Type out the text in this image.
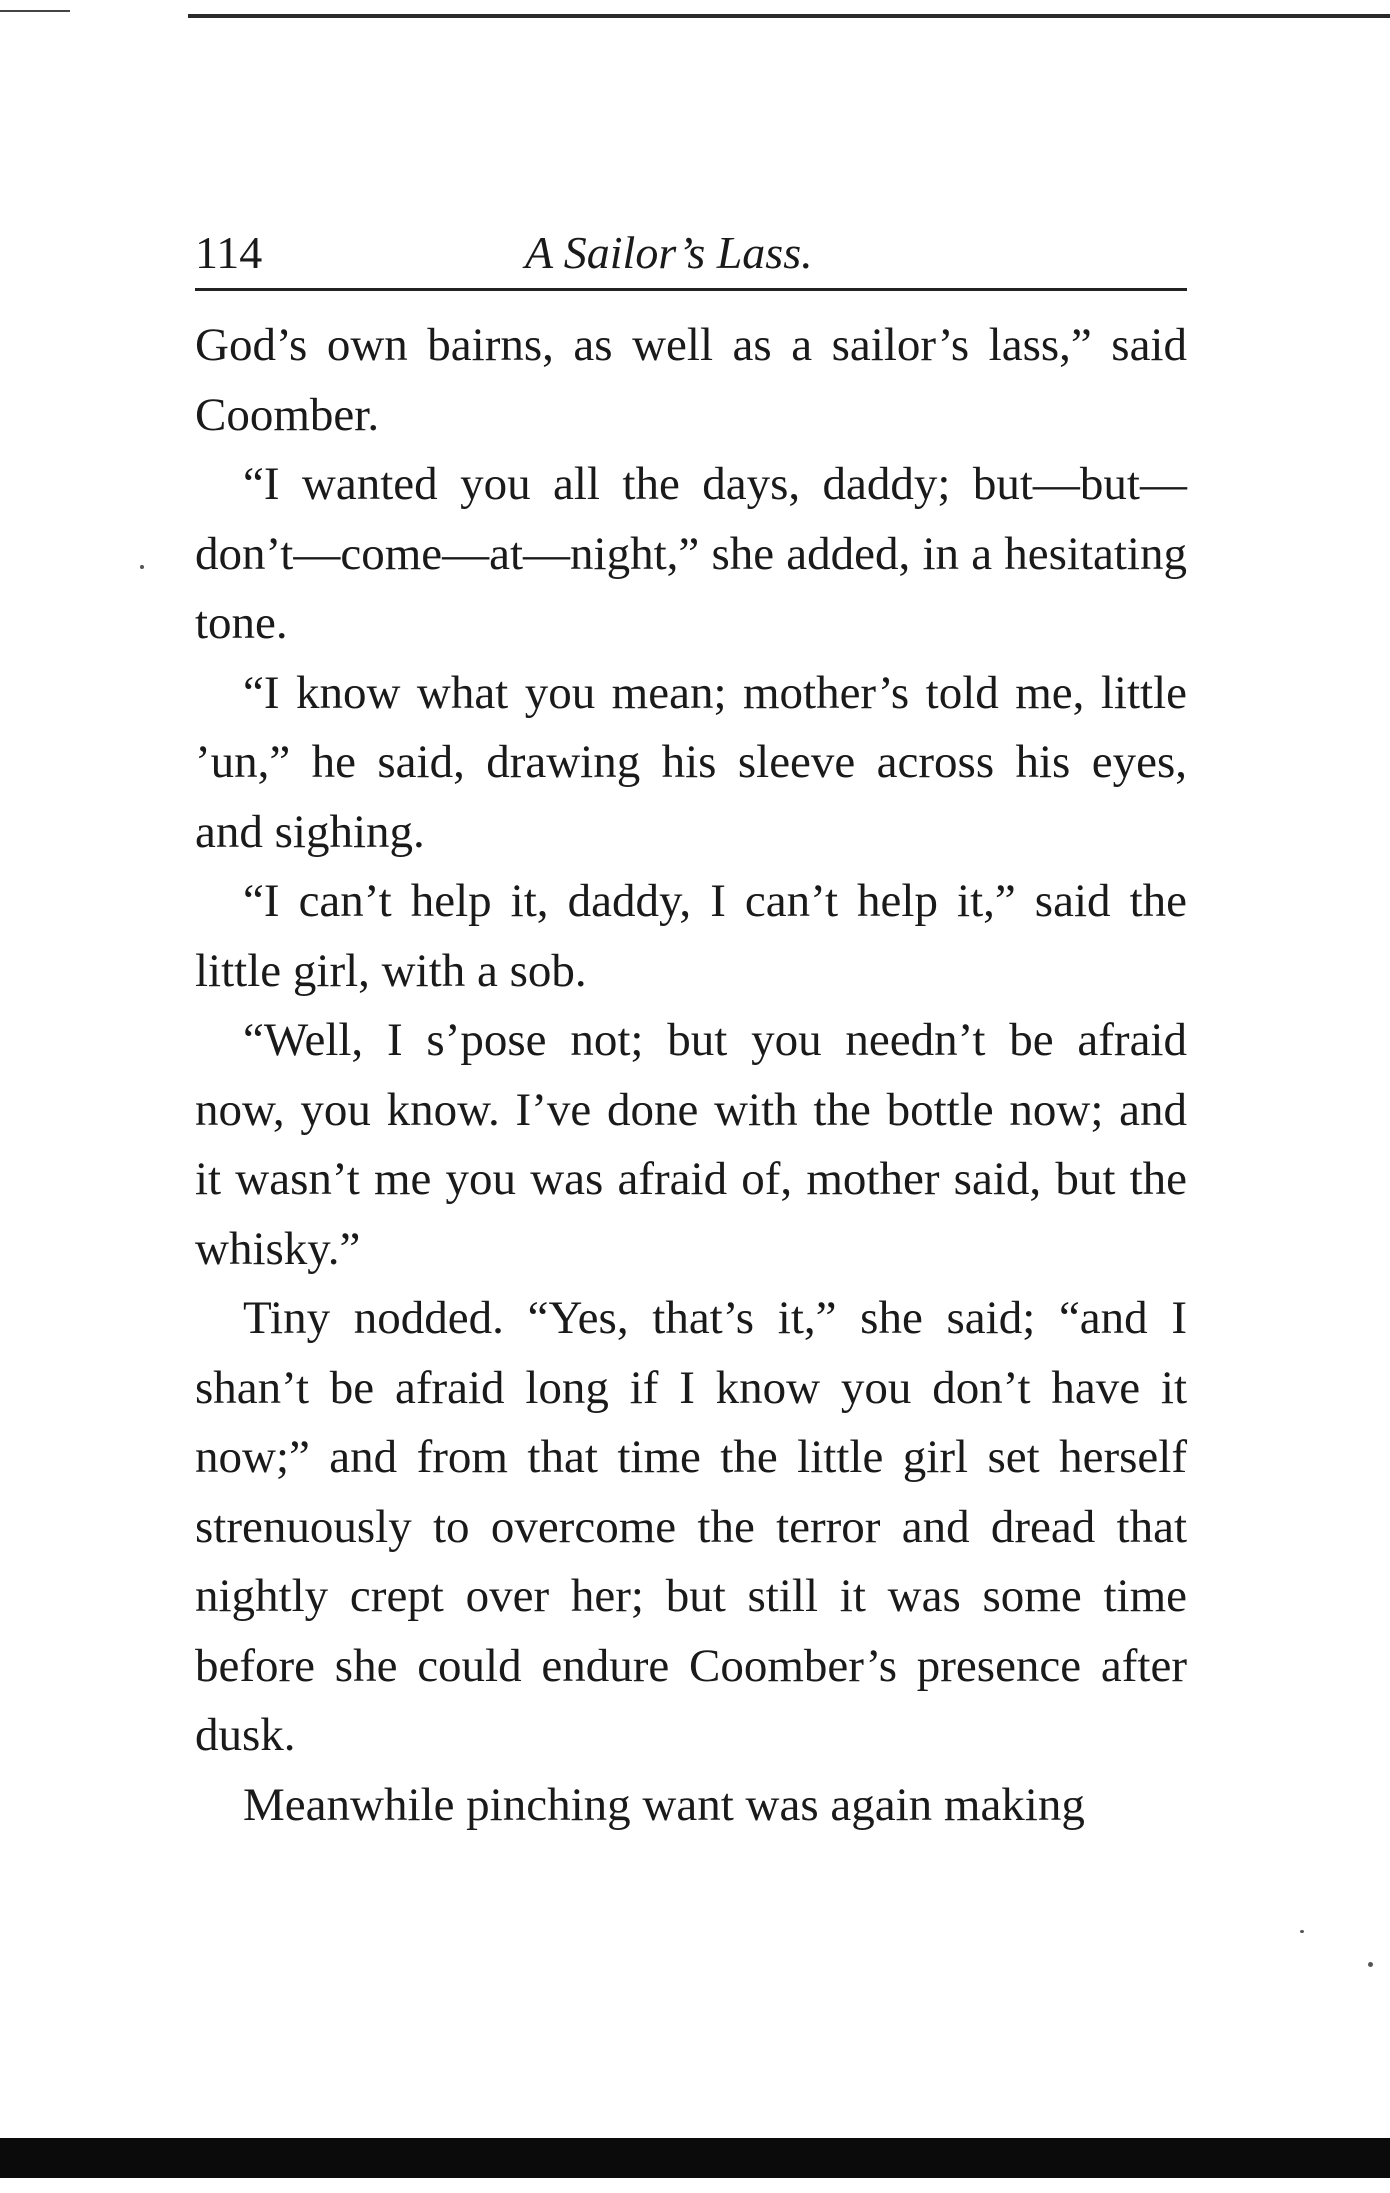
114	A Sailor’s Lass.

God’s own bairns, as well as a sailor’s lass,” said Coomber.

“I wanted you all the days, daddy; but—but—don’t—come—at—night,” she added, in a hesitating tone.

“I know what you mean; mother’s told me, little ’un,” he said, drawing his sleeve across his eyes, and sighing.

“I can’t help it, daddy, I can’t help it,” said the little girl, with a sob.

“Well, I s’pose not; but you needn’t be afraid now, you know. I’ve done with the bottle now; and it wasn’t me you was afraid of, mother said, but the whisky.”

Tiny nodded. “Yes, that’s it,” she said; “and I shan’t be afraid long if I know you don’t have it now;” and from that time the little girl set herself strenuously to overcome the terror and dread that nightly crept over her; but still it was some time before she could endure Coomber’s presence after dusk.

Meanwhile pinching want was again making
